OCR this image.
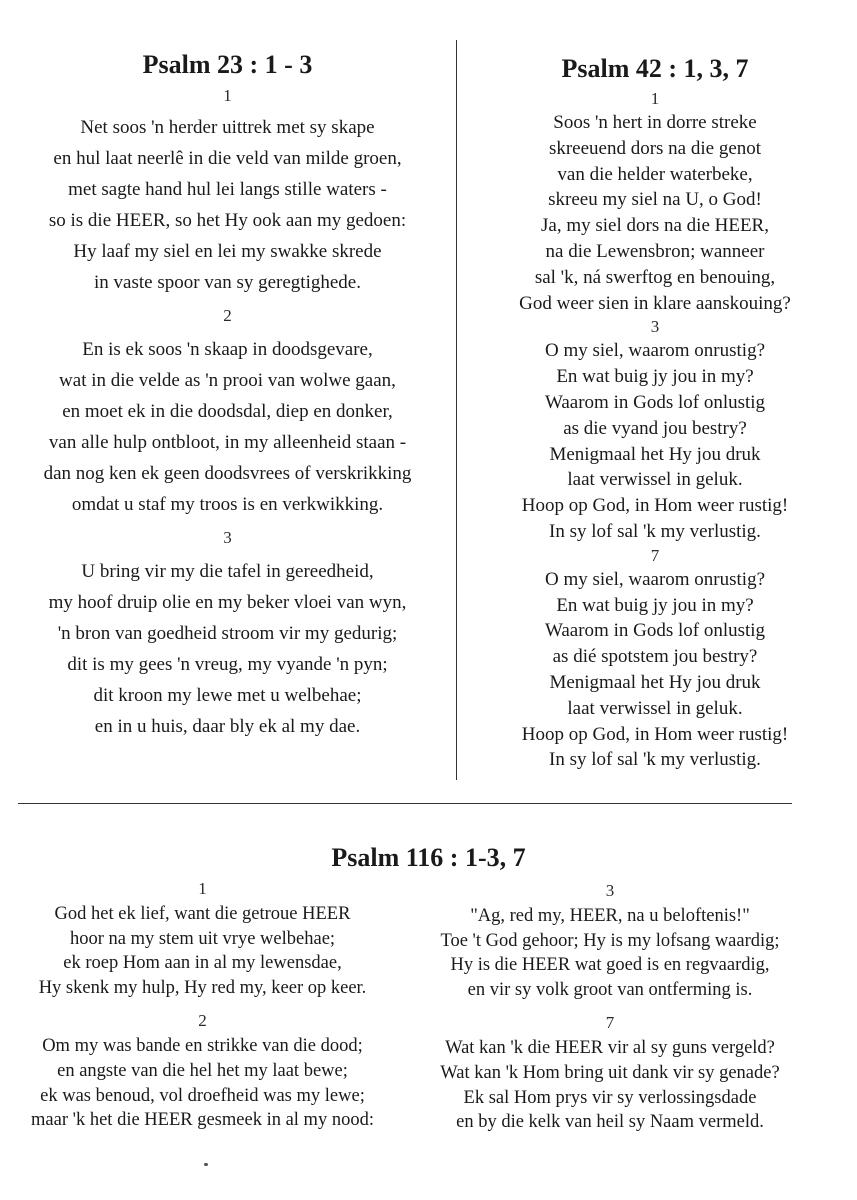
Psalm 23 : 1 - 3

1

Net soos 'n herder uittrek met sy skape

en hul laat neerlê in die veld van milde groen,

met sagte hand hul lei langs stille waters -

so is die HEER, so het Hy ook aan my gedoen:

Hy laaf my siel en lei my swakke skrede

in vaste spoor van sy geregtighede.

2

En is ek soos 'n skaap in doodsgevare,

wat in die velde as 'n prooi van wolwe gaan,

en moet ek in die doodsdal, diep en donker,

van alle hulp ontbloot, in my alleenheid staan -

dan nog ken ek geen doodsvrees of verskrikking

omdat u staf my troos is en verkwikking.

3

U bring vir my die tafel in gereedheid,

my hoof druip olie en my beker vloei van wyn,

'n bron van goedheid stroom vir my gedurig;

dit is my gees 'n vreug, my vyande 'n pyn;

dit kroon my lewe met u welbehae;

en in u huis, daar bly ek al my dae.

Psalm 42 : 1, 3, 7

1

Soos 'n hert in dorre streke

skreeuend dors na die genot

van die helder waterbeke,

skreeu my siel na U, o God!

Ja, my siel dors na die HEER,

na die Lewensbron; wanneer

sal 'k, ná swerftog en benouing,

God weer sien in klare aanskouing?

3

O my siel, waarom onrustig?

En wat buig jy jou in my?

Waarom in Gods lof onlustig

as die vyand jou bestry?

Menigmaal het Hy jou druk

laat verwissel in geluk.

Hoop op God, in Hom weer rustig!

In sy lof sal 'k my verlustig.

7

O my siel, waarom onrustig?

En wat buig jy jou in my?

Waarom in Gods lof onlustig

as dié spotstem jou bestry?

Menigmaal het Hy jou druk

laat verwissel in geluk.

Hoop op God, in Hom weer rustig!

In sy lof sal 'k my verlustig.

Psalm 116 : 1-3, 7

1

God het ek lief, want die getroue HEER

hoor na my stem uit vrye welbehae;

ek roep Hom aan in al my lewensdae,

Hy skenk my hulp, Hy red my, keer op keer.

2

Om my was bande en strikke van die dood;

en angste van die hel het my laat bewe;

ek was benoud, vol droefheid was my lewe;

maar 'k het die HEER gesmeek in al my nood:

3

"Ag, red my, HEER, na u beloftenis!"

Toe 't God gehoor; Hy is my lofsang waardig;

Hy is die HEER wat goed is en regvaardig,

en vir sy volk groot van ontferming is.

7

Wat kan 'k die HEER vir al sy guns vergeld?

Wat kan 'k Hom bring uit dank vir sy genade?

Ek sal Hom prys vir sy verlossingsdade

en by die kelk van heil sy Naam vermeld.
